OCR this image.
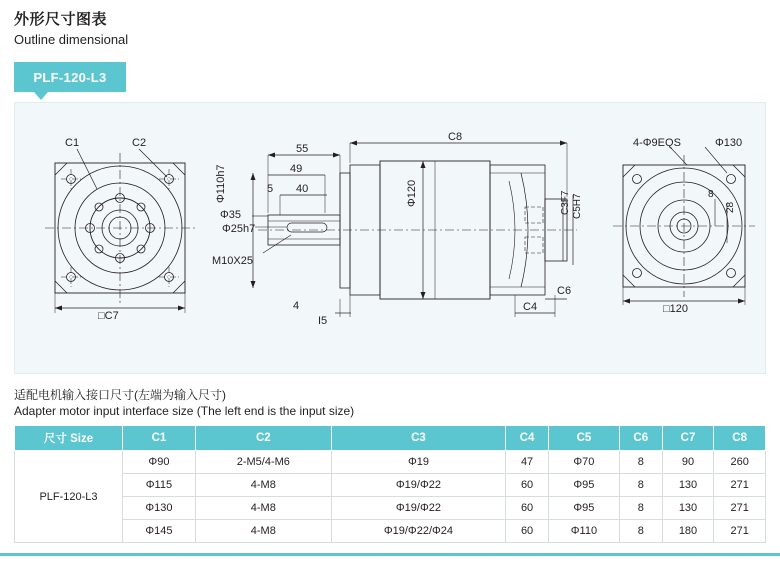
外形尺寸图表
Outline dimensional
PLF-120-L3
C1	C2
□C7
C8
55
49
40
5
4
I5
Φ110h7
Φ35
Φ25h7
M10X25
Φ120	C3F7 C5H7
C4
C6
4-Φ9EQS	Φ130
8
28
□120
适配电机输入接口尺寸(左端为输入尺寸)
Adapter motor input interface size (The left end is the input size)
尺寸 Size	C1	C2	C3	C4	C5	C6	C7	C8
PLF-120-L3	Φ90	2-M5/4-M6	Φ19	47	Φ70	8	90	260
	Φ115	4-M8	Φ19/Φ22	60	Φ95	8	130	271
	Φ130	4-M8	Φ19/Φ22	60	Φ95	8	130	271
	Φ145	4-M8	Φ19/Φ22/Φ24	60	Φ110	8	180	271
